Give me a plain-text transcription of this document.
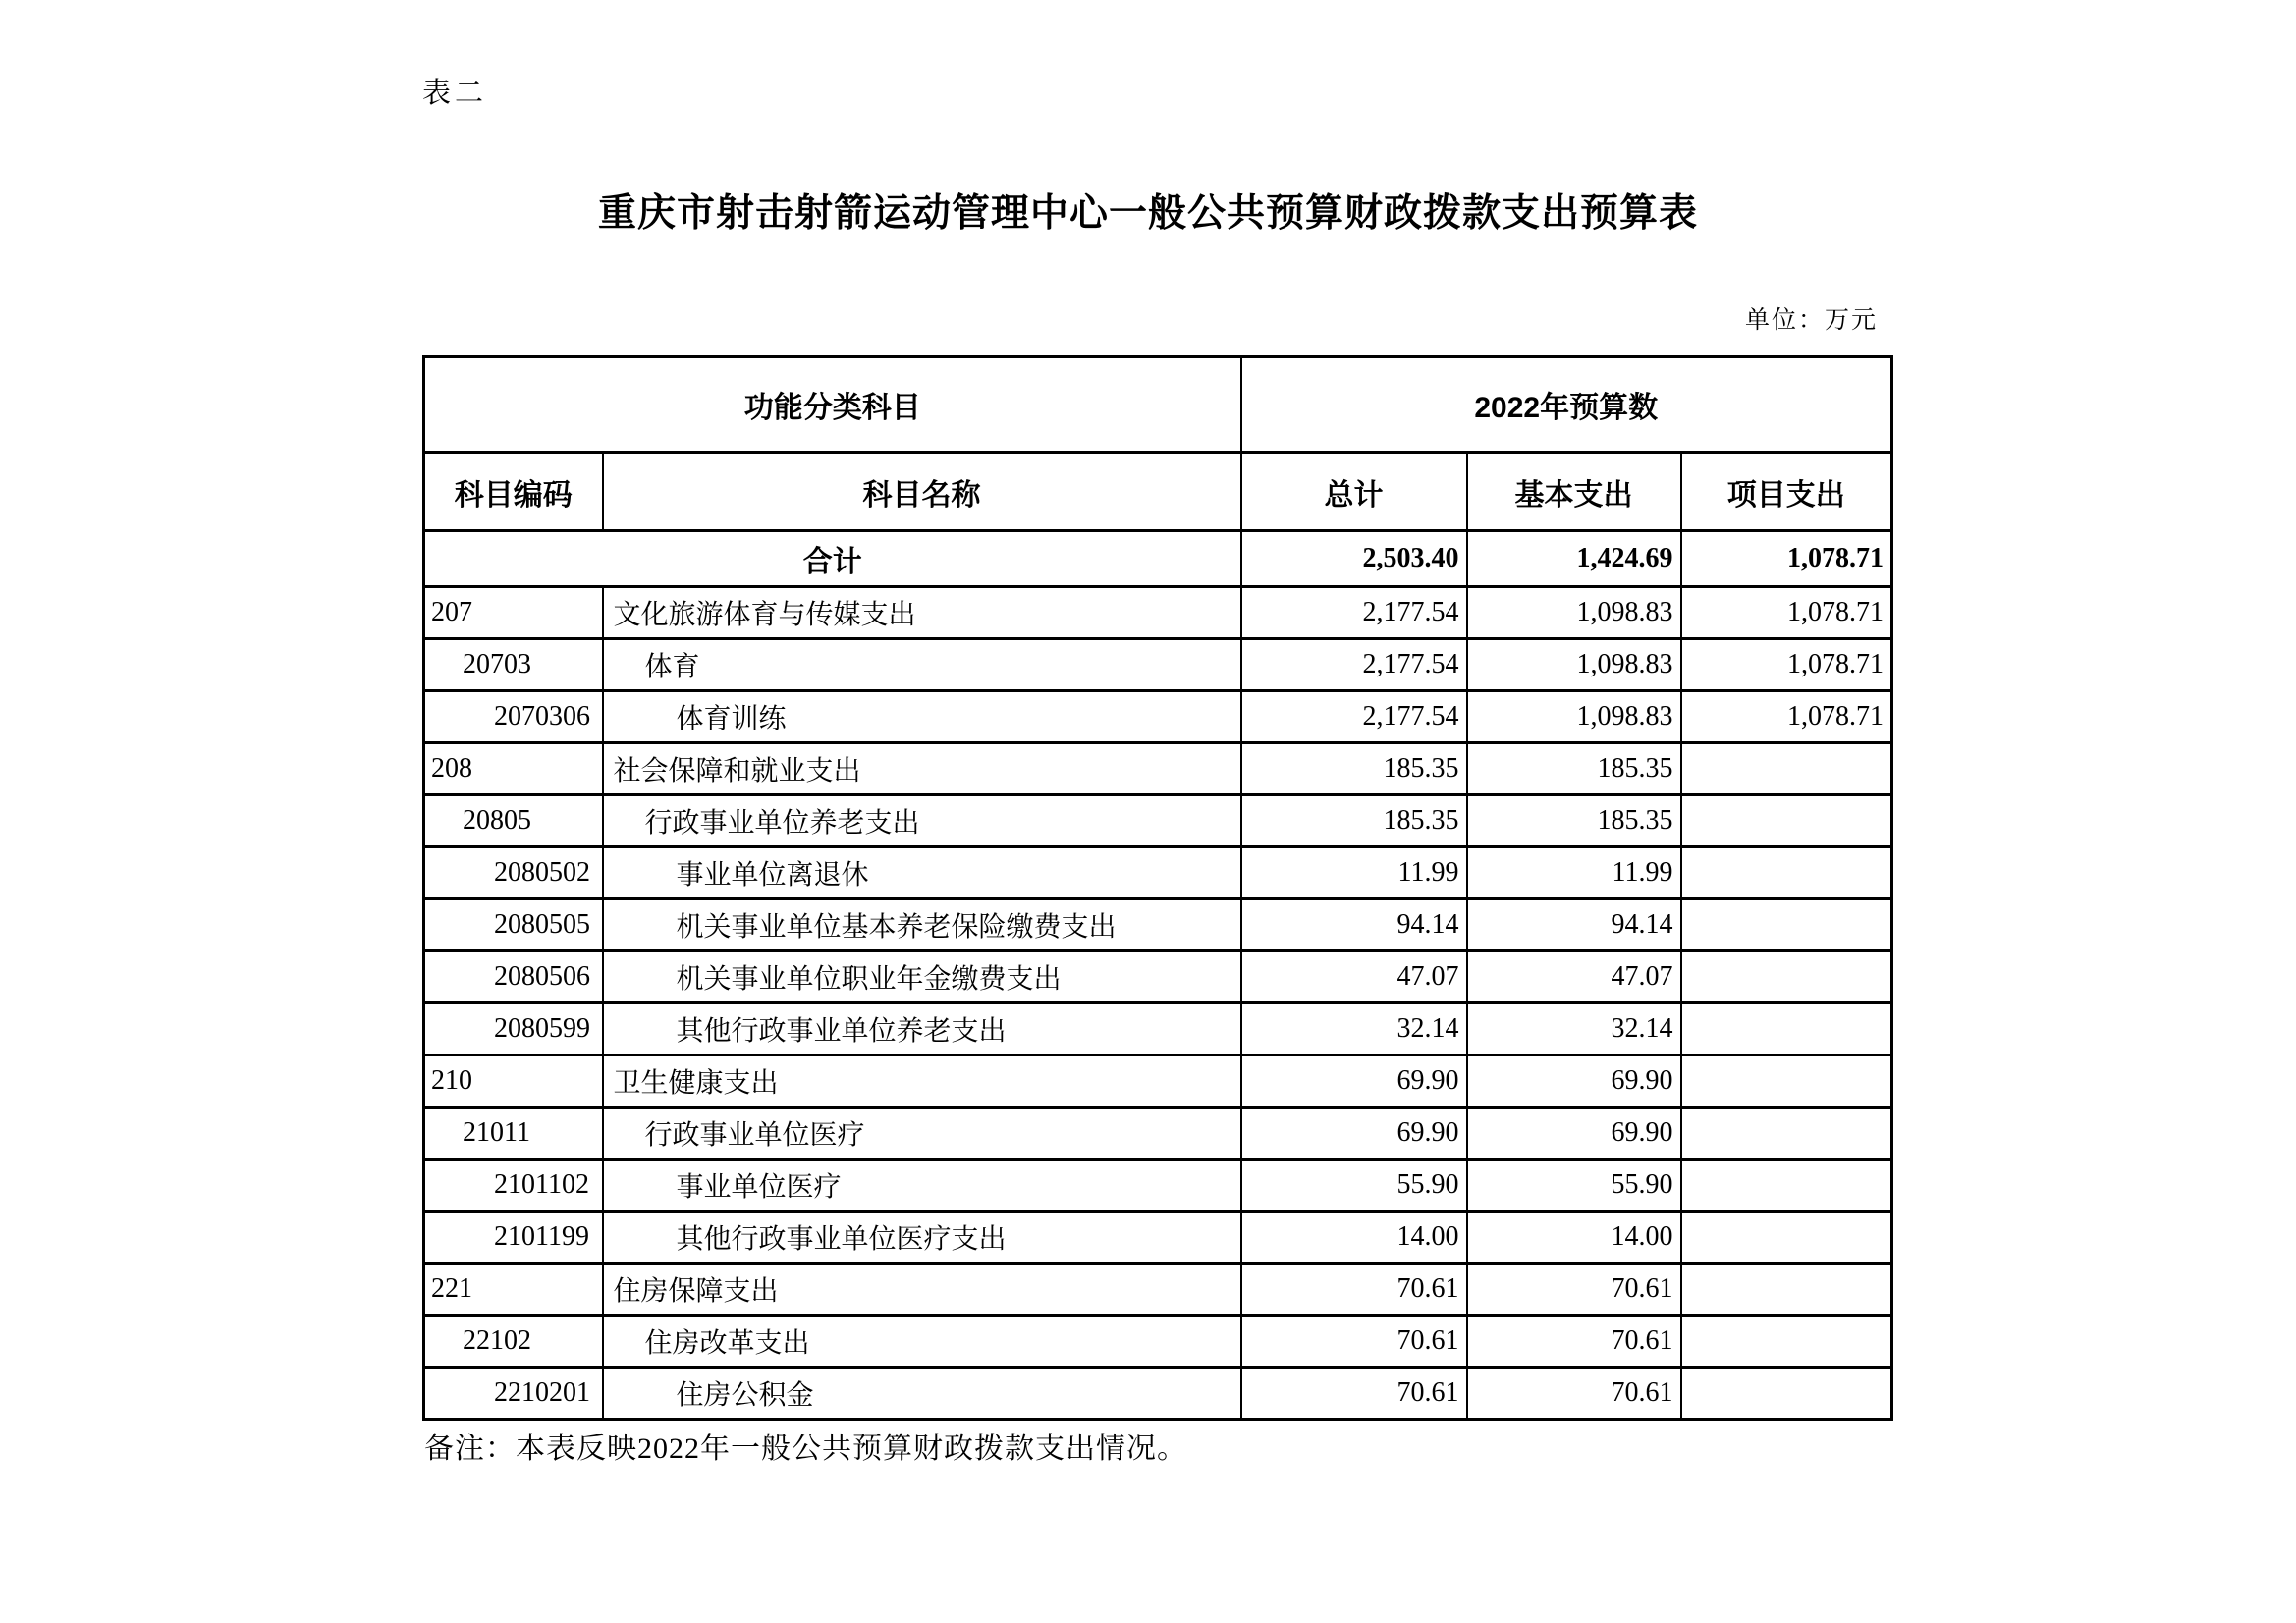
表二
重庆市射击射箭运动管理中心一般公共预算财政拨款支出预算表
单位：万元
功能分类科目		2022年预算数		
科目编码	科目名称	总计	基本支出	项目支出
合计		2,503.40	1,424.69	1,078.71
207	文化旅游体育与传媒支出	2,177.54	1,098.83	1,078.71
20703	体育	2,177.54	1,098.83	1,078.71
2070306	体育训练	2,177.54	1,098.83	1,078.71
208	社会保障和就业支出	185.35	185.35	
20805	行政事业单位养老支出	185.35	185.35	
2080502	事业单位离退休	11.99	11.99	
2080505	机关事业单位基本养老保险缴费支出	94.14	94.14	
2080506	机关事业单位职业年金缴费支出	47.07	47.07	
2080599	其他行政事业单位养老支出	32.14	32.14	
210	卫生健康支出	69.90	69.90	
21011	行政事业单位医疗	69.90	69.90	
2101102	事业单位医疗	55.90	55.90	
2101199	其他行政事业单位医疗支出	14.00	14.00	
221	住房保障支出	70.61	70.61	
22102	住房改革支出	70.61	70.61	
2210201	住房公积金	70.61	70.61	
备注：本表反映2022年一般公共预算财政拨款支出情况。
